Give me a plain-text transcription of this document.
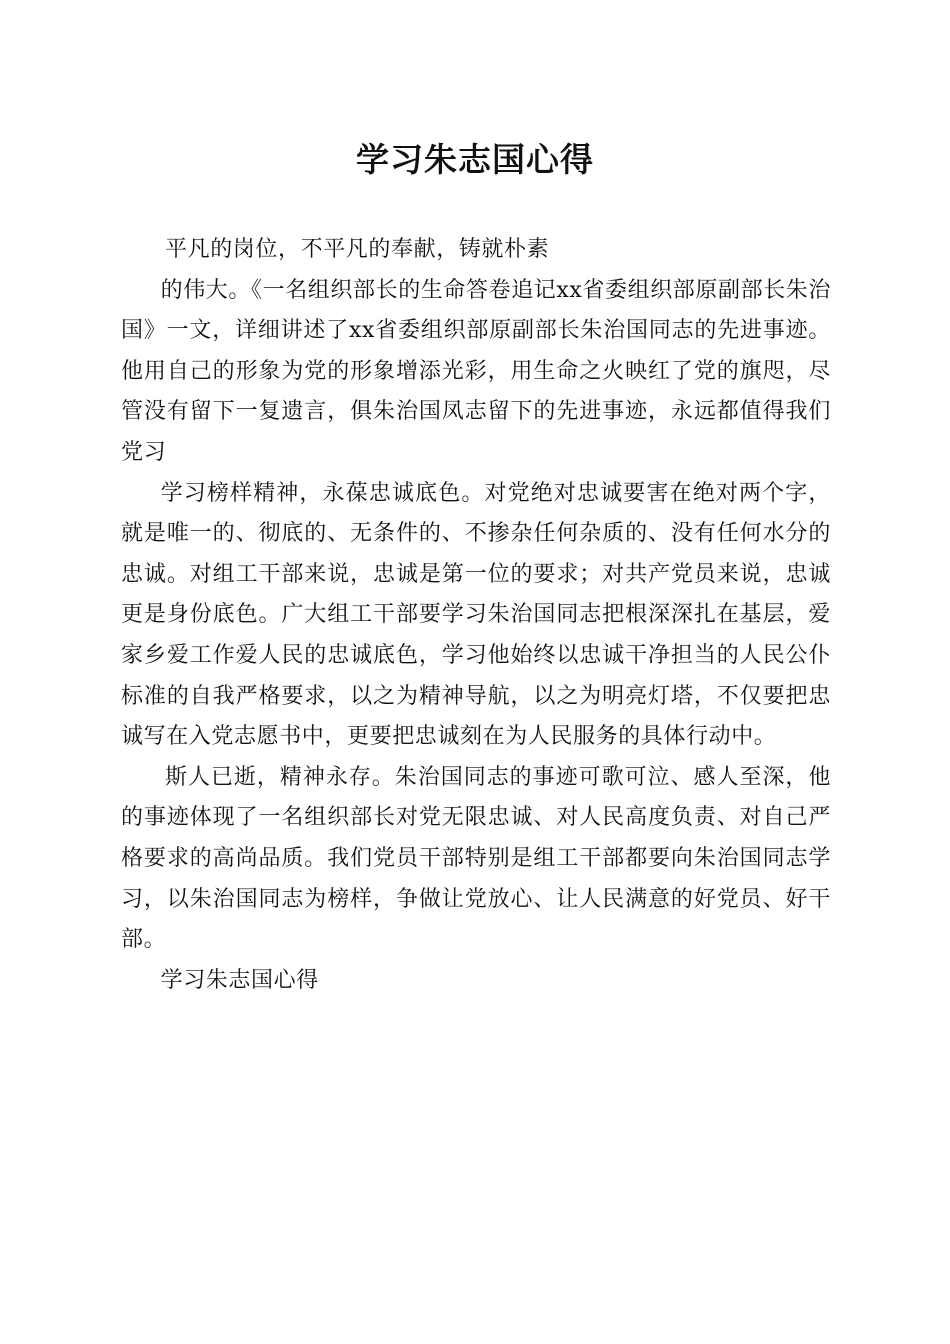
学习朱志国心得

平凡的岗位，不平凡的奉献，铸就朴素

的伟大。《一名组织部长的生命答卷追记xx省委组织部原副部长朱治国》一文，详细讲述了xx省委组织部原副部长朱治国同志的先进事迹。他用自己的形象为党的形象增添光彩，用生命之火映红了党的旗咫，尽管没有留下一复遗言，俱朱治国凤志留下的先进事迹，永远都值得我们党习

学习榜样精神，永葆忠诚底色。对党绝对忠诚要害在绝对两个字，就是唯一的、彻底的、无条件的、不掺杂任何杂质的、没有任何水分的忠诚。对组工干部来说，忠诚是第一位的要求；对共产党员来说，忠诚更是身份底色。广大组工干部要学习朱治国同志把根深深扎在基层，爱家乡爱工作爱人民的忠诚底色，学习他始终以忠诚干净担当的人民公仆标准的自我严格要求，以之为精神导航，以之为明亮灯塔，不仅要把忠诚写在入党志愿书中，更要把忠诚刻在为人民服务的具体行动中。

斯人已逝，精神永存。朱治国同志的事迹可歌可泣、感人至深，他的事迹体现了一名组织部长对党无限忠诚、对人民高度负责、对自己严格要求的高尚品质。我们党员干部特别是组工干部都要向朱治国同志学习，以朱治国同志为榜样，争做让党放心、让人民满意的好党员、好干部。

学习朱志国心得
